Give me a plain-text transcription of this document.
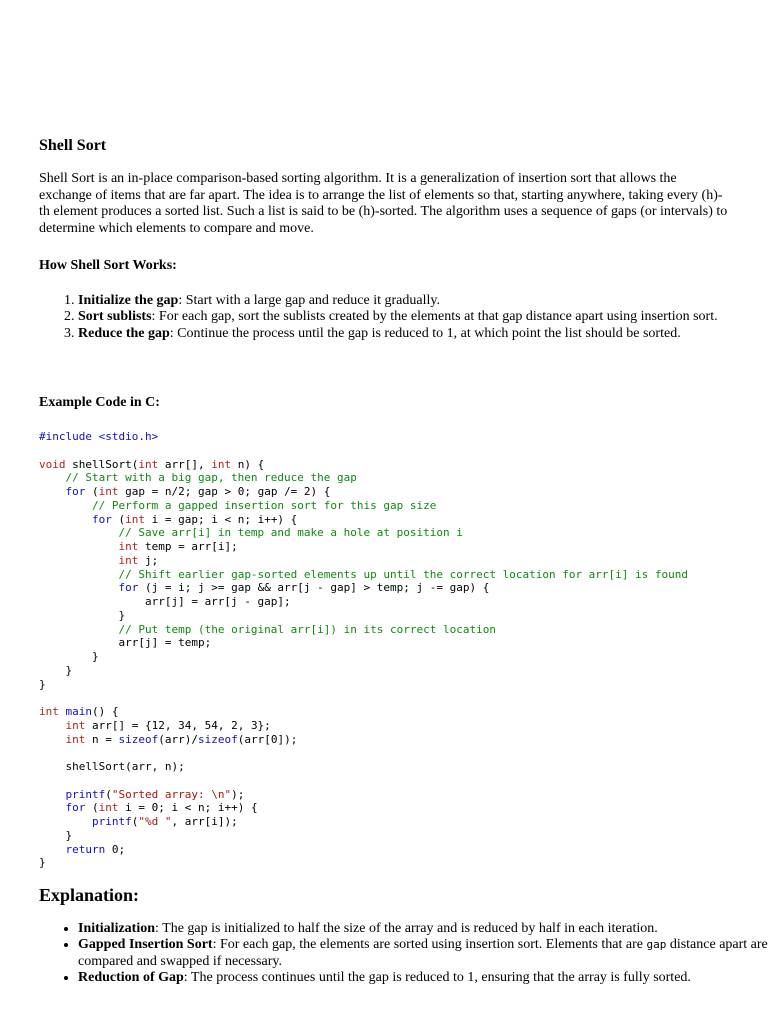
Shell Sort

Shell Sort is an in-place comparison-based sorting algorithm. It is a generalization of insertion sort that allows the exchange of items that are far apart. The idea is to arrange the list of elements so that, starting anywhere, taking every (h)-th element produces a sorted list. Such a list is said to be (h)-sorted. The algorithm uses a sequence of gaps (or intervals) to determine which elements to compare and move.

How Shell Sort Works:
1. Initialize the gap: Start with a large gap and reduce it gradually.
2. Sort sublists: For each gap, sort the sublists created by the elements at that gap distance apart using insertion sort.
3. Reduce the gap: Continue the process until the gap is reduced to 1, at which point the list should be sorted.
Example Code in C:
#include <stdio.h>

void shellSort(int arr[], int n) {
// Start with a big gap, then reduce the gap
for (int gap = n/2; gap > 0; gap /= 2) {
// Perform a gapped insertion sort for this gap size
for (int i = gap; i < n; i++) {
// Save arr[i] in temp and make a hole at position i
int temp = arr[i];
int j;
// Shift earlier gap-sorted elements up until the correct location for arr[i] is found
for (j = i; j >= gap && arr[j - gap] > temp; j -= gap) {
arr[j] = arr[j - gap];
}
// Put temp (the original arr[i]) in its correct location
arr[j] = temp;
}
}
}

int main() {
int arr[] = {12, 34, 54, 2, 3};
int n = sizeof(arr)/sizeof(arr[0]);

shellSort(arr, n);

printf("Sorted array: \n");
for (int i = 0; i < n; i++) {
printf("%d ", arr[i]);
}
return 0;
}
Explanation:
• Initialization: The gap is initialized to half the size of the array and is reduced by half in each iteration.
• Gapped Insertion Sort: For each gap, the elements are sorted using insertion sort. Elements that are gap distance apart are compared and swapped if necessary.
• Reduction of Gap: The process continues until the gap is reduced to 1, ensuring that the array is fully sorted.
